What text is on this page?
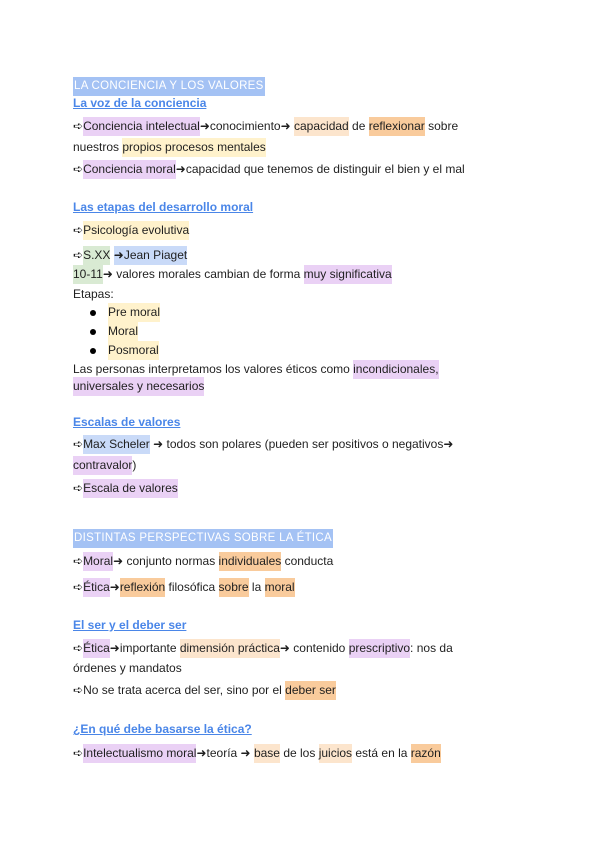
LA CONCIENCIA Y LOS VALORES
La voz de la conciencia
➪Conciencia intelectual➜conocimiento➜ capacidad de reflexionar sobre
nuestros propios procesos mentales
➪Conciencia moral➜capacidad que tenemos de distinguir el bien y el mal
Las etapas del desarrollo moral
➪Psicología evolutiva
➪S.XX ➜Jean Piaget
10-11➜ valores morales cambian de forma muy significativa
Etapas:
Pre moral
Moral
Posmoral
Las personas interpretamos los valores éticos como incondicionales,
universales y necesarios
Escalas de valores
➪Max Scheler ➜ todos son polares (pueden ser positivos o negativos➜
contravalor)
➪Escala de valores
DISTINTAS PERSPECTIVAS SOBRE LA ÉTICA
➪Moral➜ conjunto normas individuales conducta
➪Ética➜reflexión filosófica sobre la moral
El ser y el deber ser
➪Ética➜importante dimensión práctica➜ contenido prescriptivo: nos da
órdenes y mandatos
➪No se trata acerca del ser, sino por el deber ser
¿En qué debe basarse la ética?
➪Intelectualismo moral➜teoría ➜ base de los juicios está en la razón
